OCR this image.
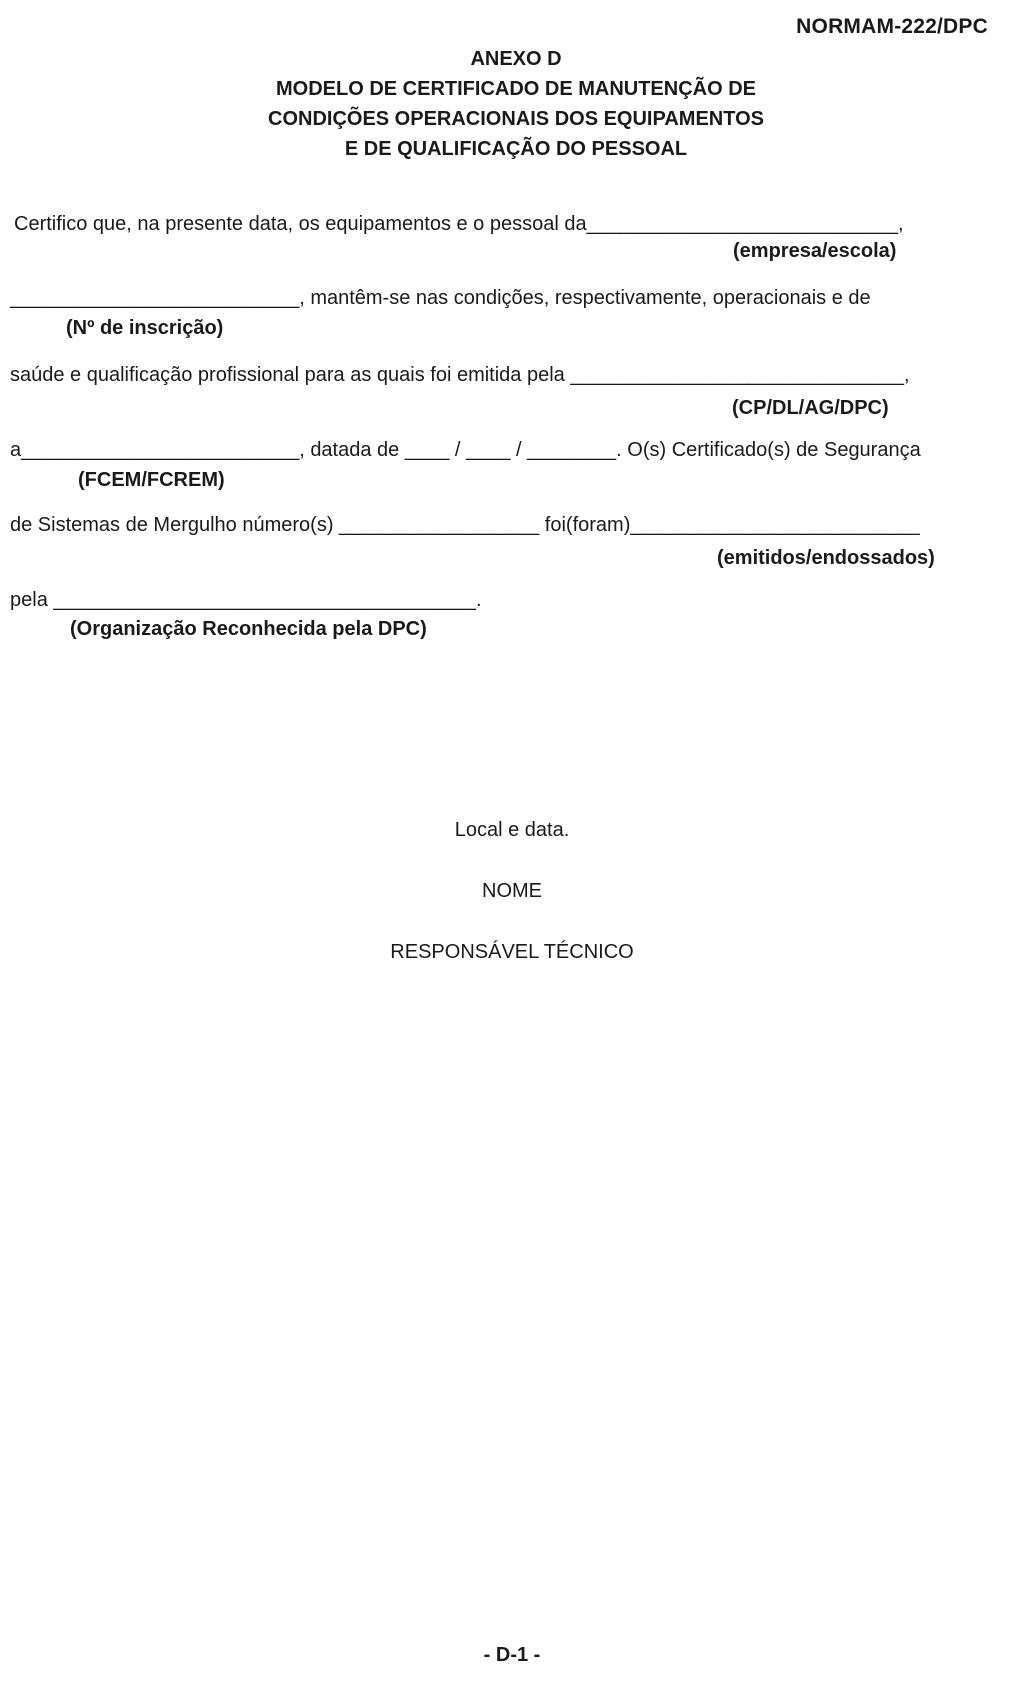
NORMAM-222/DPC
ANEXO D
MODELO DE CERTIFICADO DE MANUTENÇÃO DE
CONDIÇÕES OPERACIONAIS DOS EQUIPAMENTOS
E DE QUALIFICAÇÃO DO PESSOAL
Certifico que, na presente data, os equipamentos e o pessoal da____________________________,
(empresa/escola)
__________________________, mantêm-se nas condições, respectivamente, operacionais e de
(Nº de inscrição)
saúde e qualificação profissional para as quais foi emitida pela ______________________________,
(CP/DL/AG/DPC)
a_________________________, datada de ____ / ____ / ________. O(s) Certificado(s) de Segurança
(FCEM/FCREM)
de Sistemas de Mergulho número(s) __________________ foi(foram)__________________________
(emitidos/endossados)
pela ______________________________________.
(Organização Reconhecida pela DPC)
Local e data.
NOME
RESPONSÁVEL TÉCNICO
- D-1 -
